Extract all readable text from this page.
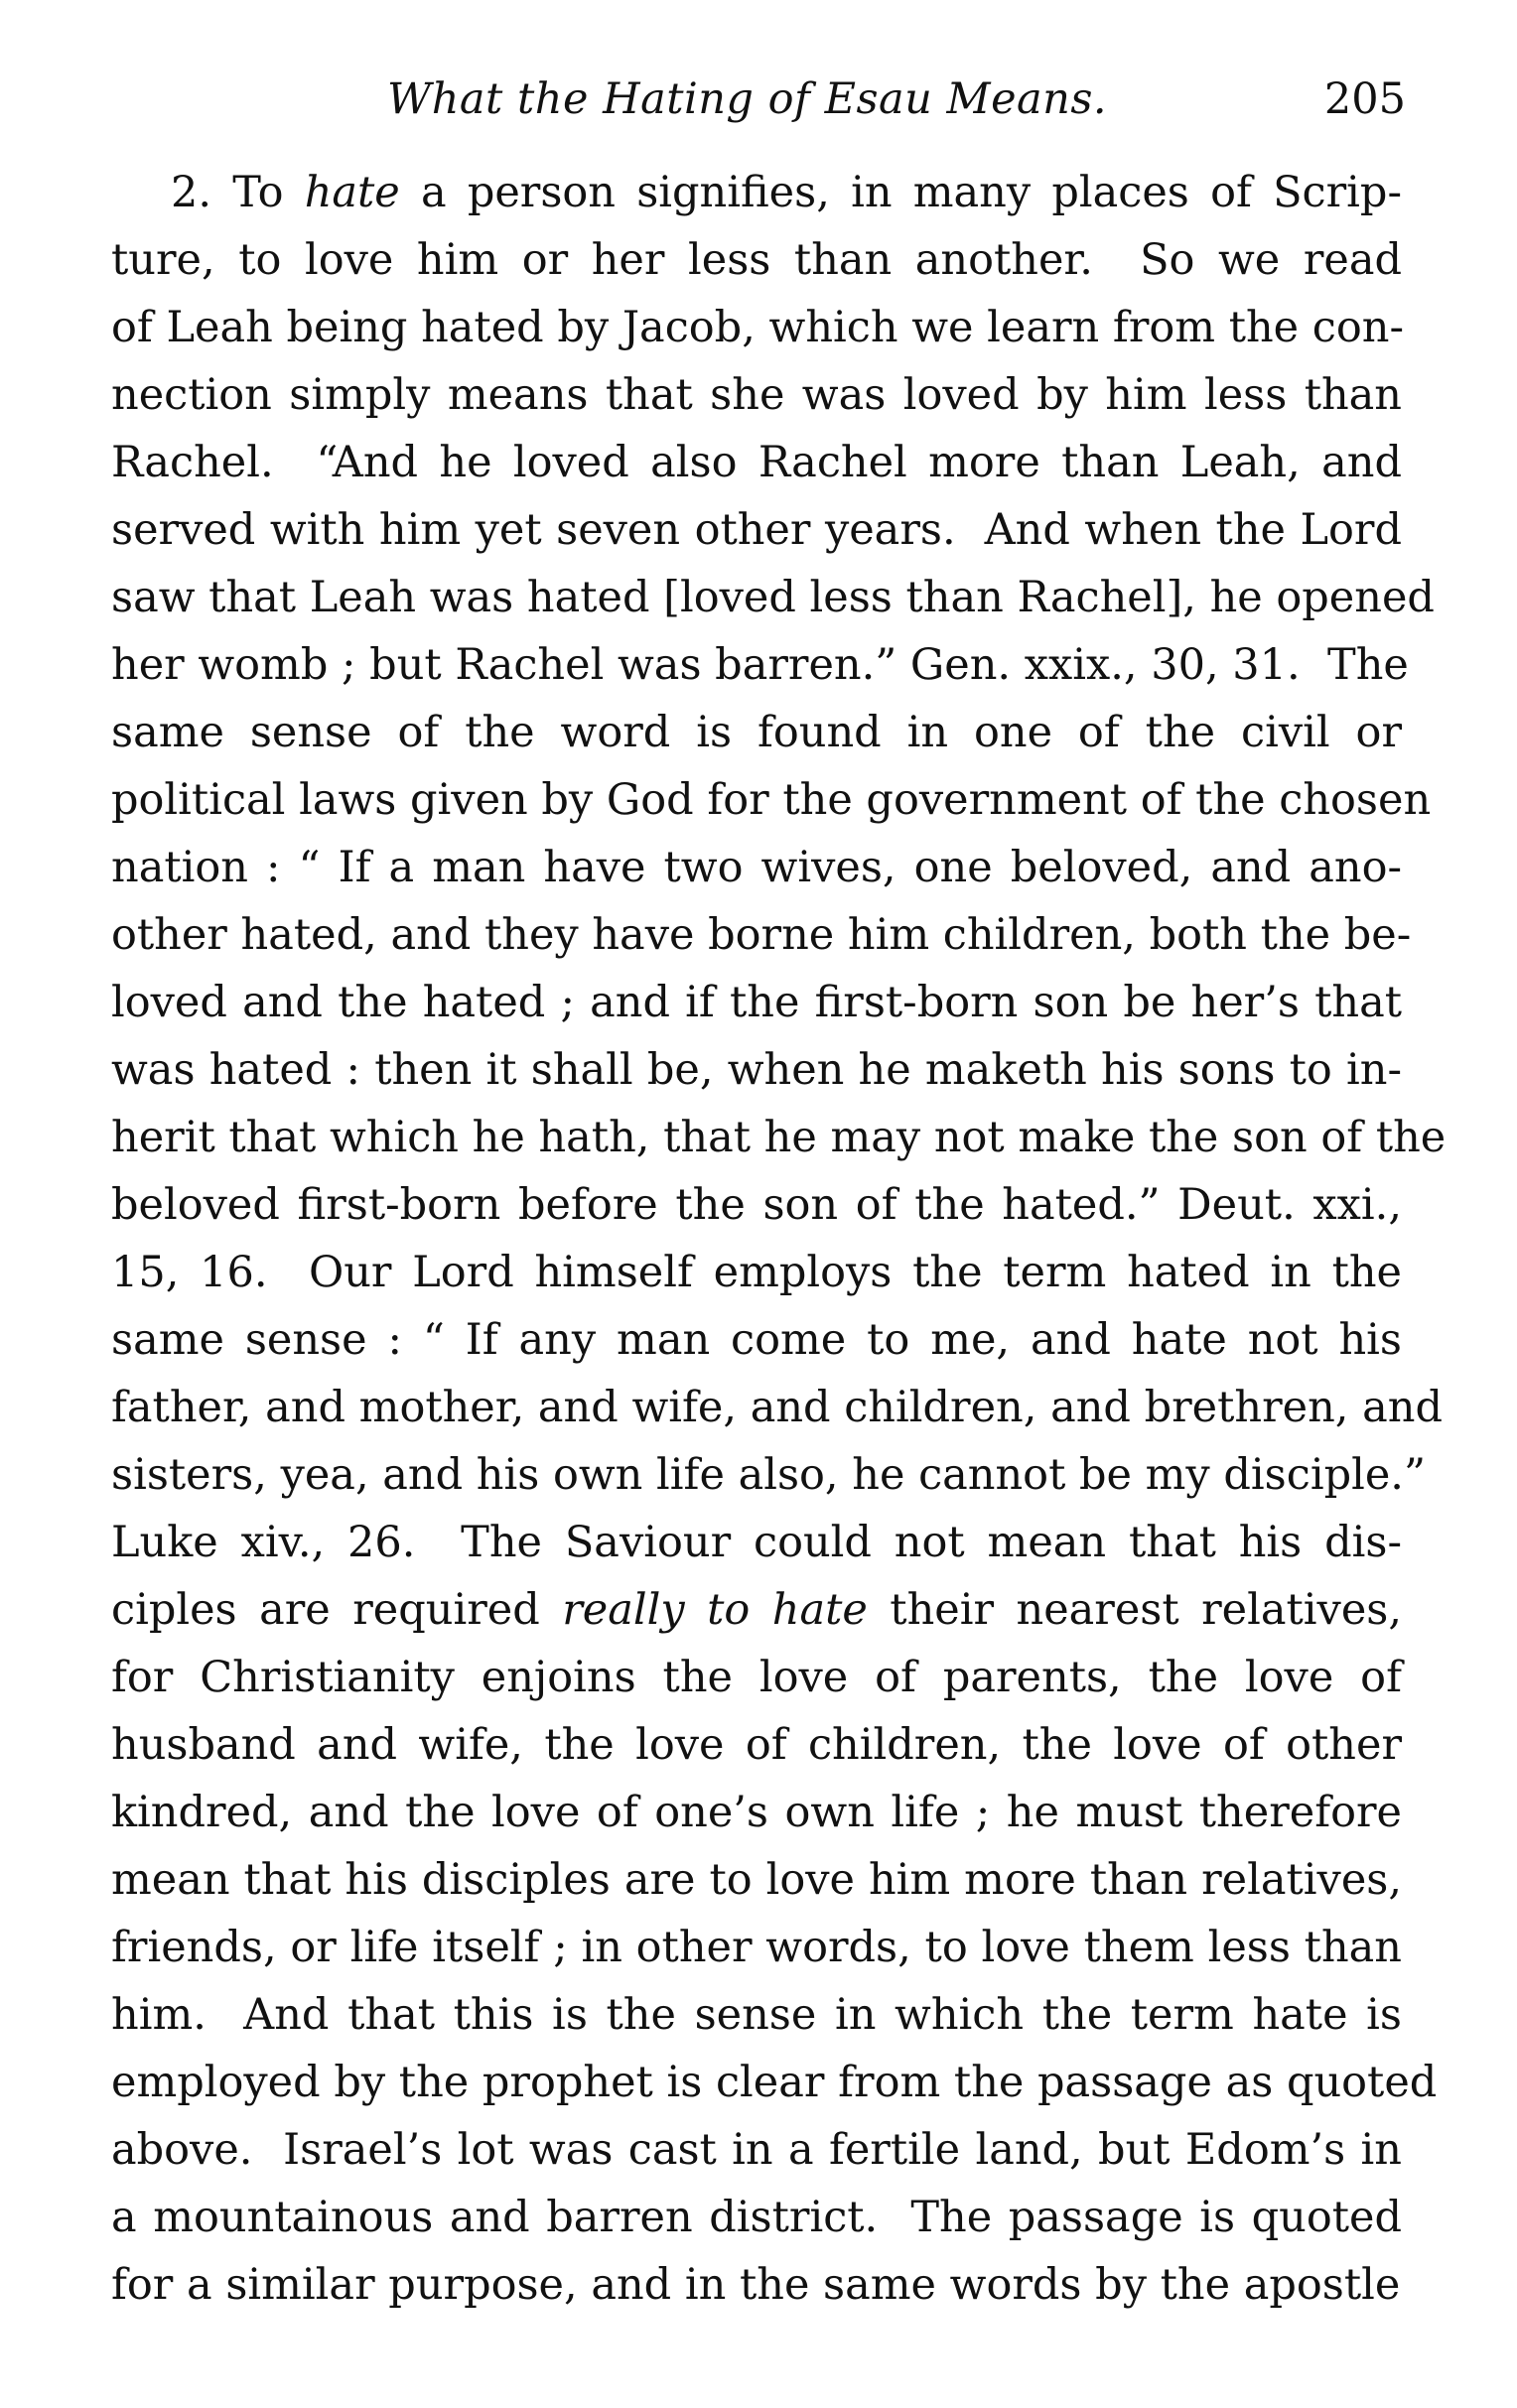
What the Hating of Esau Means.	205
2. To hate a person signifies, in many places of Scrip-
ture, to love him or her less than another.  So we read
of Leah being hated by Jacob, which we learn from the con-
nection simply means that she was loved by him less than
Rachel.  “And he loved also Rachel more than Leah, and
served with him yet seven other years.  And when the Lord
saw that Leah was hated [loved less than Rachel], he opened
her womb ; but Rachel was barren.” Gen. xxix., 30, 31.  The
same sense of the word is found in one of the civil or
political laws given by God for the government of the chosen
nation : “ If a man have two wives, one beloved, and ano-
other hated, and they have borne him children, both the be-
loved and the hated ; and if the first-born son be her’s that
was hated : then it shall be, when he maketh his sons to in-
herit that which he hath, that he may not make the son of the
beloved first-born before the son of the hated.” Deut. xxi.,
15, 16.  Our Lord himself employs the term hated in the
same sense : “ If any man come to me, and hate not his
father, and mother, and wife, and children, and brethren, and
sisters, yea, and his own life also, he cannot be my disciple.”
Luke xiv., 26.  The Saviour could not mean that his dis-
ciples are required really to hate their nearest relatives,
for Christianity enjoins the love of parents, the love of
husband and wife, the love of children, the love of other
kindred, and the love of one’s own life ; he must therefore
mean that his disciples are to love him more than relatives,
friends, or life itself ; in other words, to love them less than
him.  And that this is the sense in which the term hate is
employed by the prophet is clear from the passage as quoted
above.  Israel’s lot was cast in a fertile land, but Edom’s in
a mountainous and barren district.  The passage is quoted
for a similar purpose, and in the same words by the apostle
